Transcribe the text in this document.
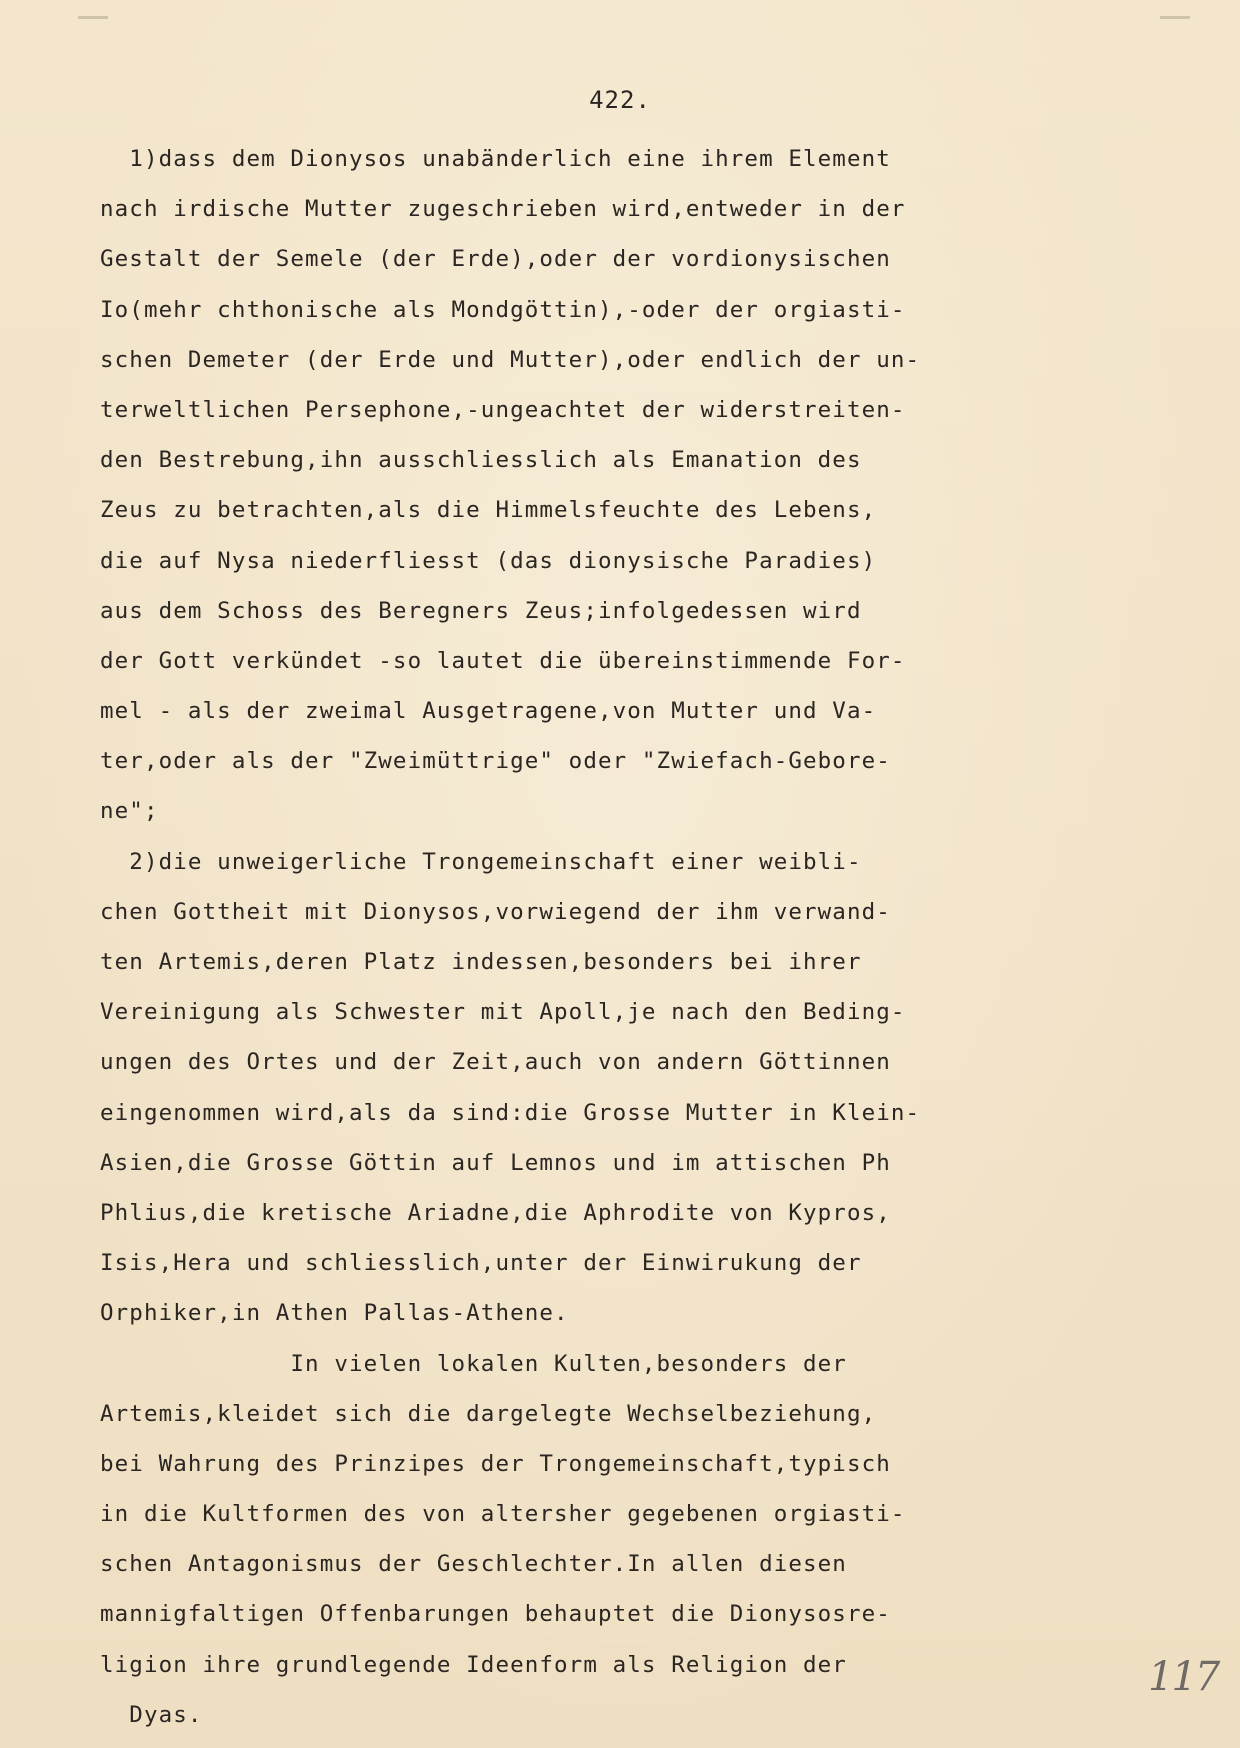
422.
1)dass dem Dionysos unabänderlich eine ihrem Element
nach irdische Mutter zugeschrieben wird,entweder in der
Gestalt der Semele (der Erde),oder der vordionysischen
Io(mehr chthonische als Mondgöttin),-oder der orgiasti-
schen Demeter (der Erde und Mutter),oder endlich der un-
terweltlichen Persephone,-ungeachtet der widerstreiten-
den Bestrebung,ihn ausschliesslich als Emanation des
Zeus zu betrachten,als die Himmelsfeuchte des Lebens,
die auf Nysa niederfliesst (das dionysische Paradies)
aus dem Schoss des Beregners Zeus;infolgedessen wird
der Gott verkündet -so lautet die übereinstimmende For-
mel - als der zweimal Ausgetragene,von Mutter und Va-
ter,oder als der "Zweimüttrige" oder "Zwiefach-Gebore-
ne";
2)die unweigerliche Trongemeinschaft einer weibli-
chen Gottheit mit Dionysos,vorwiegend der ihm verwand-
ten Artemis,deren Platz indessen,besonders bei ihrer
Vereinigung als Schwester mit Apoll,je nach den Beding-
ungen des Ortes und der Zeit,auch von andern Göttinnen
eingenommen wird,als da sind:die Grosse Mutter in Klein-
Asien,die Grosse Göttin auf Lemnos und im attischen Ph
Phlius,die kretische Ariadne,die Aphrodite von Kypros,
Isis,Hera und schliesslich,unter der Einwirukung der
Orphiker,in Athen Pallas-Athene.
In vielen lokalen Kulten,besonders der
Artemis,kleidet sich die dargelegte Wechselbeziehung,
bei Wahrung des Prinzipes der Trongemeinschaft,typisch
in die Kultformen des von altersher gegebenen orgiasti-
schen Antagonismus der Geschlechter.In allen diesen
mannigfaltigen Offenbarungen behauptet die Dionysosre-
ligion ihre grundlegende Ideenform als Religion der
Dyas.
117
